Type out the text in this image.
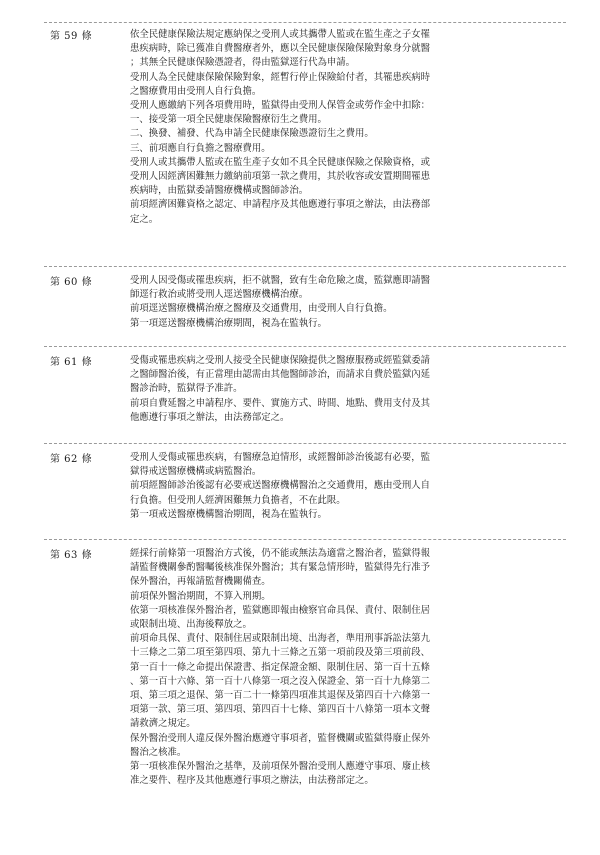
第 59 條	依全民健康保險法規定應納保之受刑人或其攜帶人監或在監生產之子女罹
患疾病時，除已獲准自費醫療者外，應以全民健康保險保險對象身分就醫
；其無全民健康保險憑證者，得由監獄逕行代為申請。

受刑人為全民健康保險保險對象，經暫行停止保險給付者，其罹患疾病時
之醫療費用由受刑人自行負擔。

受刑人應繳納下列各項費用時，監獄得由受刑人保管金或勞作金中扣除：

一、接受第一項全民健康保險醫療衍生之費用。

二、換發、補發、代為申請全民健康保險憑證衍生之費用。

三、前項應自行負擔之醫療費用。

受刑人或其攜帶人監或在監生產子女如不具全民健康保險之保險資格，或
受刑人因經濟困難無力繳納前項第一款之費用，其於收容或安置期間罹患
疾病時，由監獄委請醫療機構或醫師診治。

前項經濟困難資格之認定、申請程序及其他應遵行事項之辦法，由法務部
定之。

第 60 條	受刑人因受傷或罹患疾病，拒不就醫，致有生命危險之虞，監獄應即請醫
師逕行救治或將受刑人逕送醫療機構治療。

前項逕送醫療機構治療之醫療及交通費用，由受刑人自行負擔。

第一項逕送醫療機構治療期間，視為在監執行。

第 61 條	受傷或罹患疾病之受刑人接受全民健康保險提供之醫療服務或經監獄委請
之醫師醫治後，有正當理由認需由其他醫師診治，而請求自費於監獄內延
醫診治時，監獄得予准許。

前項自費延醫之申請程序、要件、實施方式、時間、地點、費用支付及其
他應遵行事項之辦法，由法務部定之。

第 62 條	受刑人受傷或罹患疾病，有醫療急迫情形，或經醫師診治後認有必要，監
獄得戒送醫療機構或病監醫治。

前項經醫師診治後認有必要戒送醫療機構醫治之交通費用，應由受刑人自
行負擔。但受刑人經濟困難無力負擔者，不在此限。

第一項戒送醫療機構醫治期間，視為在監執行。

第 63 條	經採行前條第一項醫治方式後，仍不能或無法為適當之醫治者，監獄得報
請監督機關參酌醫囑後核准保外醫治；其有緊急情形時，監獄得先行准予
保外醫治，再報請監督機關備查。

前項保外醫治期間，不算入刑期。

依第一項核准保外醫治者，監獄應即報由檢察官命具保、責付、限制住居
或限制出境、出海後釋放之。

前項命具保、責付、限制住居或限制出境、出海者，準用刑事訴訟法第九
十三條之二第二項至第四項、第九十三條之五第一項前段及第三項前段、
第一百十一條之命提出保證書、指定保證金額、限制住居、第一百十五條
、第一百十六條、第一百十八條第一項之沒入保證金、第一百十九條第二
項、第三項之退保、第一百二十一條第四項准其退保及第四百十六條第一
項第一款、第三項、第四項、第四百十七條、第四百十八條第一項本文聲
請救濟之規定。

保外醫治受刑人違反保外醫治應遵守事項者，監督機關或監獄得廢止保外
醫治之核准。

第一項核准保外醫治之基準，及前項保外醫治受刑人應遵守事項、廢止核
准之要件、程序及其他應遵行事項之辦法，由法務部定之。
